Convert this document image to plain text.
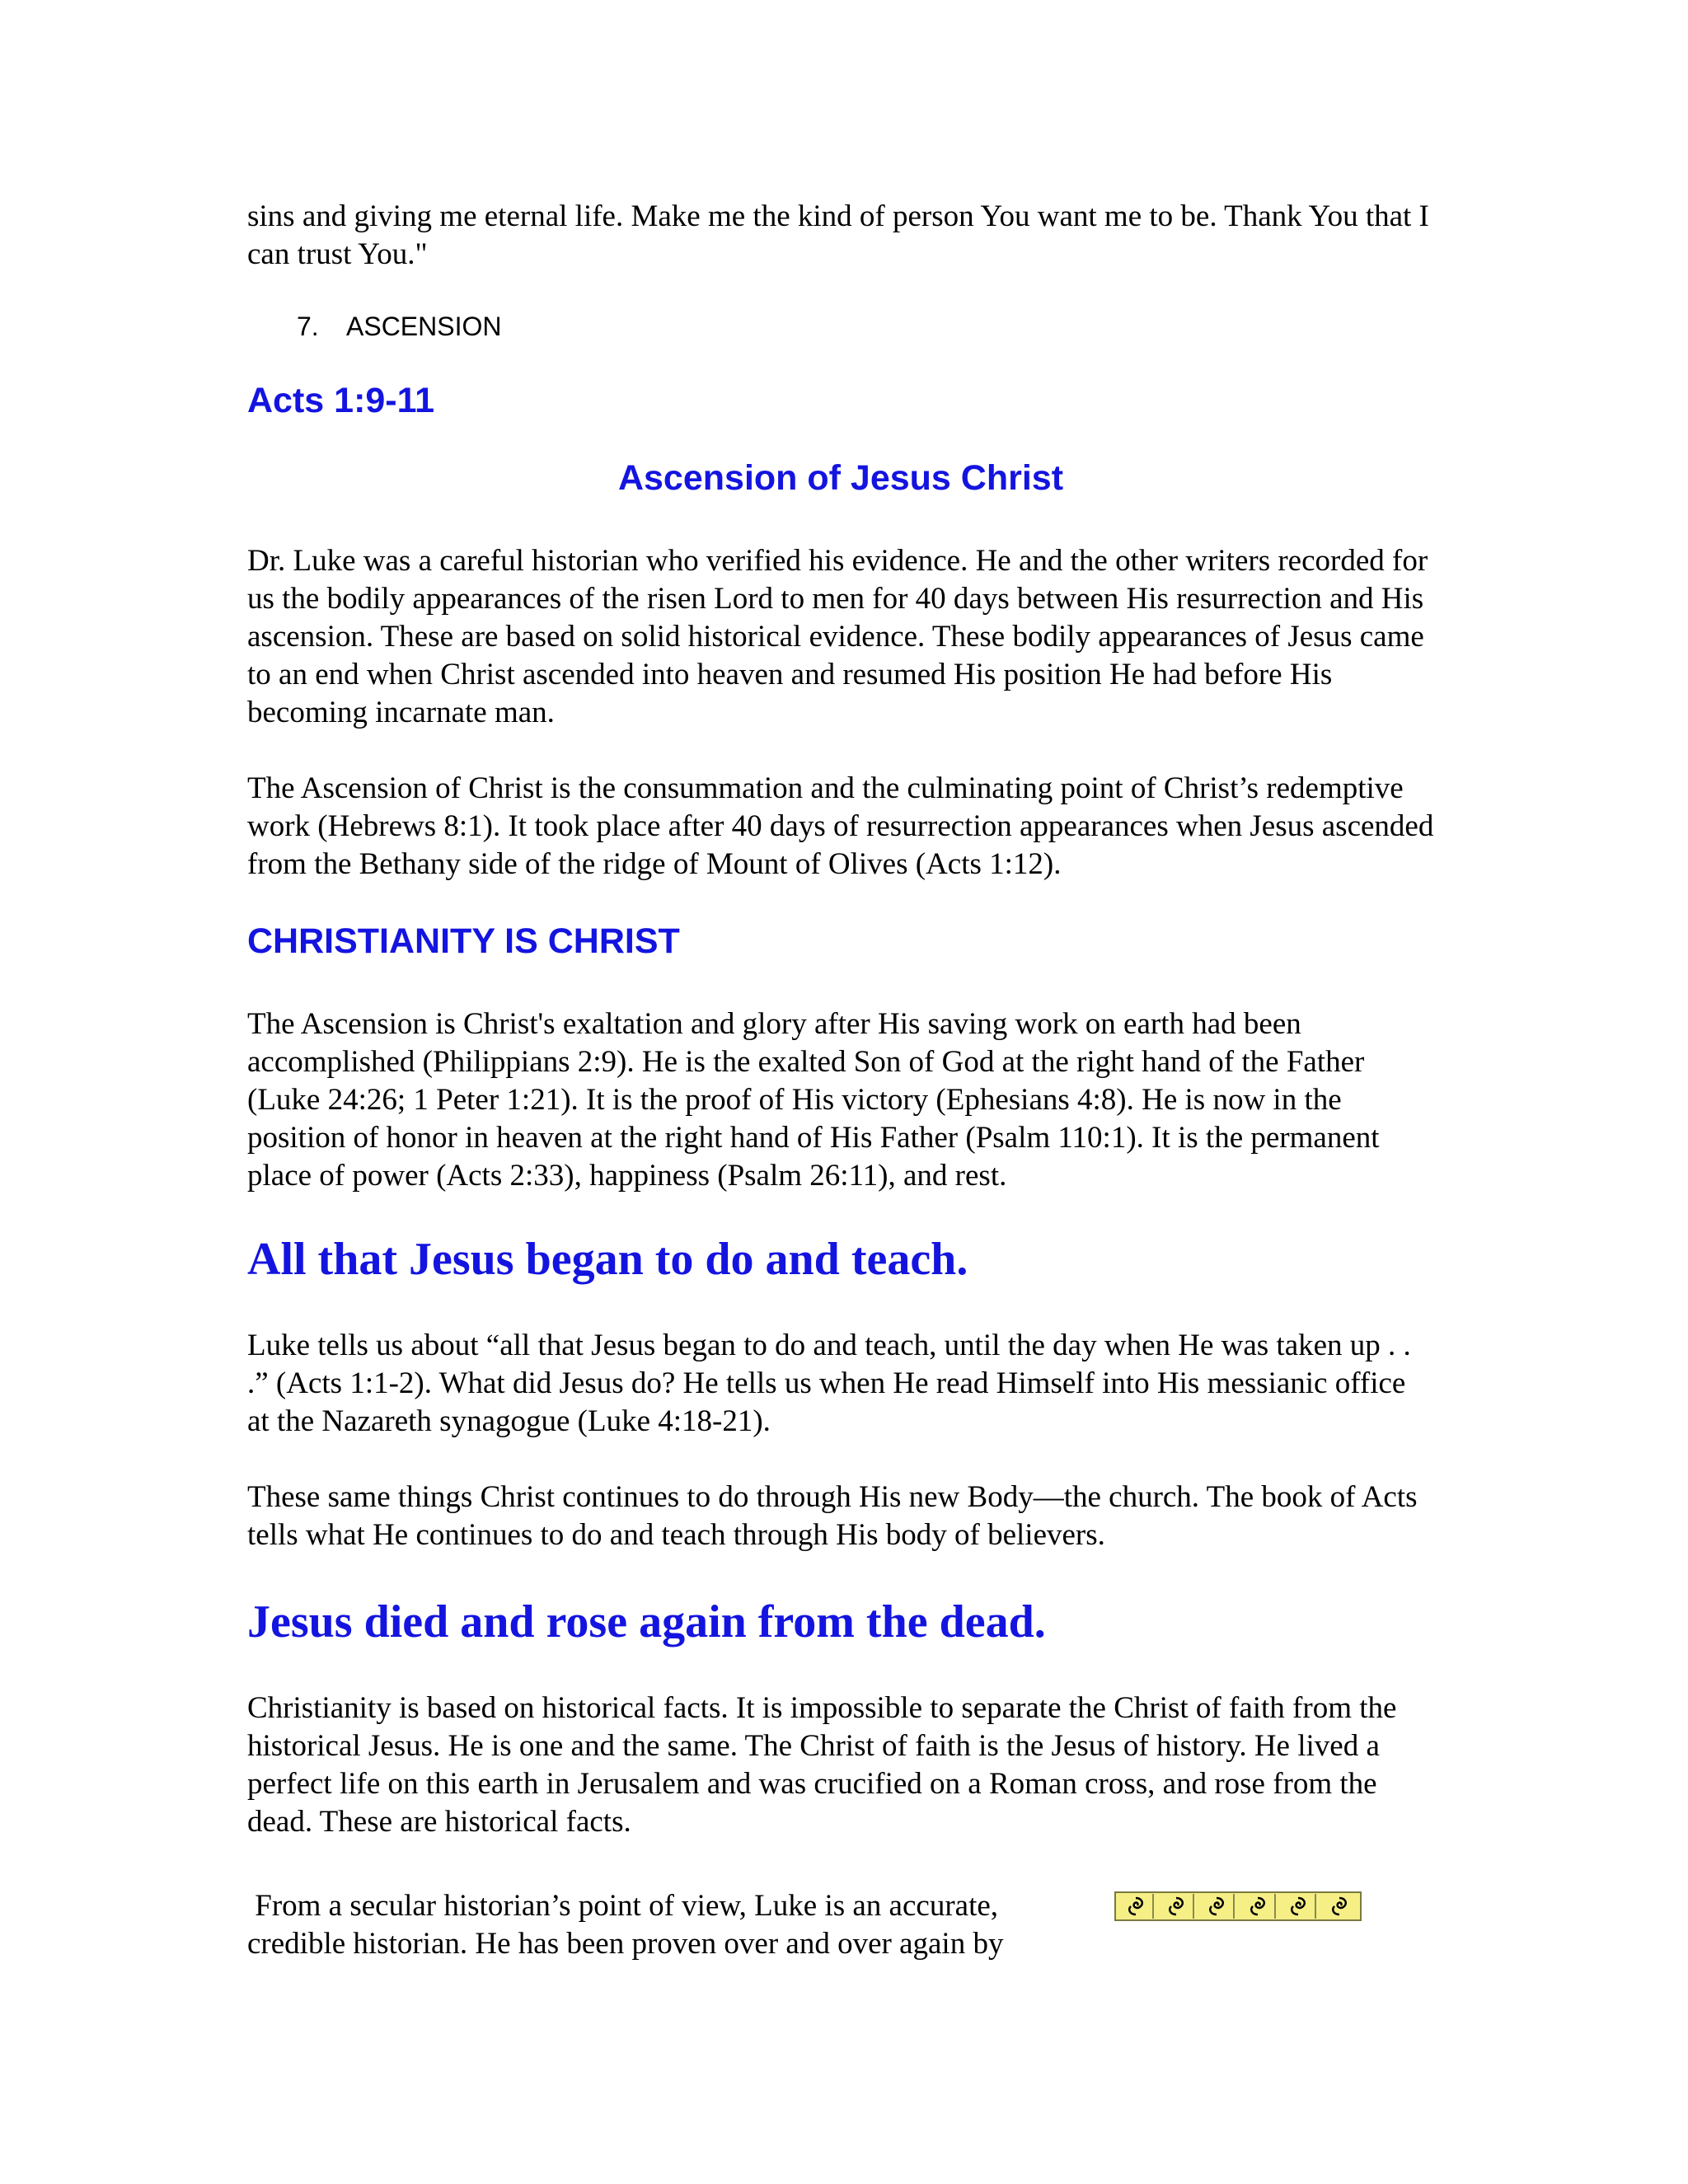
sins and giving me eternal life. Make me the kind of person You want me to be. Thank You that I can trust You."

7. ASCENSION
Acts 1:9-11
Ascension of Jesus Christ

Dr. Luke was a careful historian who verified his evidence. He and the other writers recorded for us the bodily appearances of the risen Lord to men for 40 days between His resurrection and His ascension. These are based on solid historical evidence. These bodily appearances of Jesus came to an end when Christ ascended into heaven and resumed His position He had before His becoming incarnate man.

The Ascension of Christ is the consummation and the culminating point of Christ’s redemptive work (Hebrews 8:1). It took place after 40 days of resurrection appearances when Jesus ascended from the Bethany side of the ridge of Mount of Olives (Acts 1:12).

CHRISTIANITY IS CHRIST

The Ascension is Christ's exaltation and glory after His saving work on earth had been accomplished (Philippians 2:9). He is the exalted Son of God at the right hand of the Father (Luke 24:26; 1 Peter 1:21). It is the proof of His victory (Ephesians 4:8). He is now in the position of honor in heaven at the right hand of His Father (Psalm 110:1). It is the permanent place of power (Acts 2:33), happiness (Psalm 26:11), and rest.

All that Jesus began to do and teach.

Luke tells us about “all that Jesus began to do and teach, until the day when He was taken up . . .” (Acts 1:1-2). What did Jesus do? He tells us when He read Himself into His messianic office at the Nazareth synagogue (Luke 4:18-21).

These same things Christ continues to do through His new Body—the church. The book of Acts tells what He continues to do and teach through His body of believers.

Jesus died and rose again from the dead.

Christianity is based on historical facts. It is impossible to separate the Christ of faith from the historical Jesus. He is one and the same. The Christ of faith is the Jesus of history. He lived a perfect life on this earth in Jerusalem and was crucified on a Roman cross, and rose from the dead. These are historical facts.

From a secular historian’s point of view, Luke is an accurate,

credible historian. He has been proven over and over again by
